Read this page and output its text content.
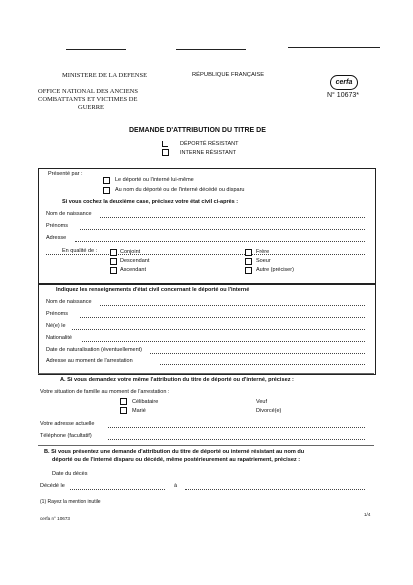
MINISTERE DE LA DEFENSE	RÉPUBLIQUE FRANÇAISE
OFFICE NATIONAL DES ANCIENS
COMBATTANTS ET VICTIMES DE
GUERRE
cerfa
N° 10673*
DEMANDE D'ATTRIBUTION DU TITRE DE
DÉPORTÉ RÉSISTANT
INTERNE RÉSISTANT
Présenté par :
Le déporté ou l'interné lui-même
Au nom du déporté ou de l'interné décédé ou disparu
Si vous cochez la deuxième case, précisez votre état civil ci-après :
Nom de naissance
Prénoms
Adresse
En qualité de :	Conjoint
Descendant
Ascendant
Frère
Soeur
Autre (préciser)
Indiquez les renseignements d'état civil concernant le déporté ou l'interné
Nom de naissance
Prénoms
Né(e) le
Nationalité
Date de naturalisation (éventuellement)
Adresse au moment de l'arrestation
A. Si vous demandez votre même l'attribution du titre de déporté ou d'interné, précisez :
Votre situation de famille au moment de l'arrestation :
Célibataire
Marié
Veuf
Divorcé(e)
Votre adresse actuelle
Téléphone (facultatif)
B. Si vous présentez une demande d'attribution du titre de déporté ou interné résistant au nom du
déporté ou de l'interné disparu ou décédé, même postérieurement au rapatriement, précisez :
Date du décès
Décédé le	à
(1) Rayez la mention inutile
cerfa n° 10673
1/4
